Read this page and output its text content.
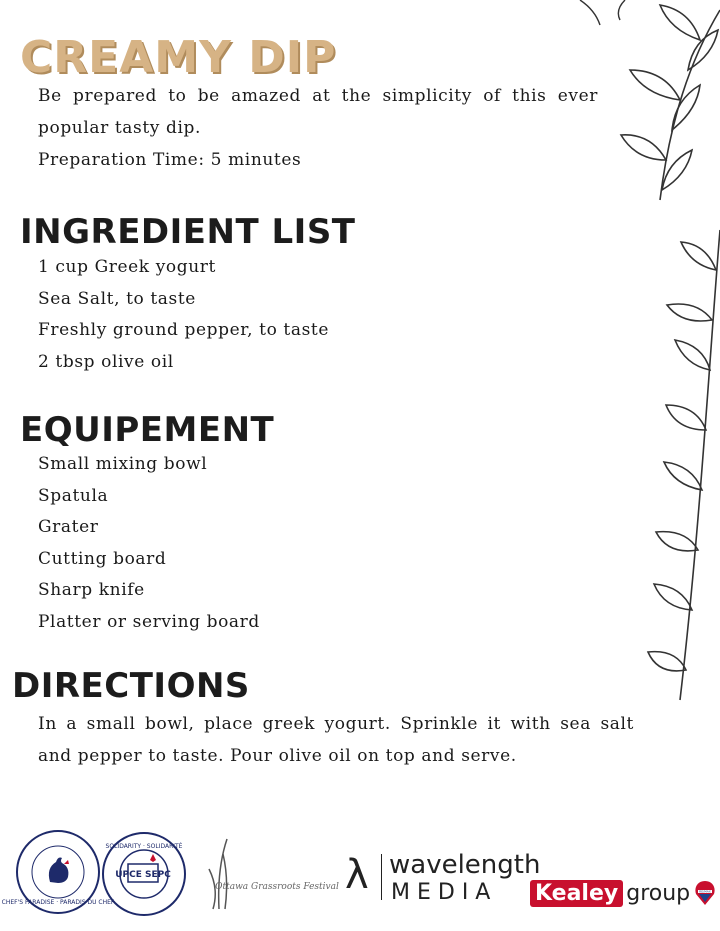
CREAMY DIP
Be prepared to be amazed at the simplicity of this ever popular tasty dip.
Preparation Time: 5 minutes
INGREDIENT LIST
1 cup Greek yogurt
Sea Salt, to taste
Freshly ground pepper, to taste
2 tbsp olive oil
EQUIPEMENT
Small mixing bowl
Spatula
Grater
Cutting board
Sharp knife
Platter or serving board
DIRECTIONS
In a small bowl, place greek yogurt. Sprinkle it with sea salt and pepper to taste. Pour olive oil on top and serve.
CHEF'S PARADISE · PARADIS DU CHEF
UPCE SEPC
SOLIDARITY · SOLIDARITÉ
Ottawa Grassroots Festival λ wavelength
MEDIA Kealey group	RE/MAX
